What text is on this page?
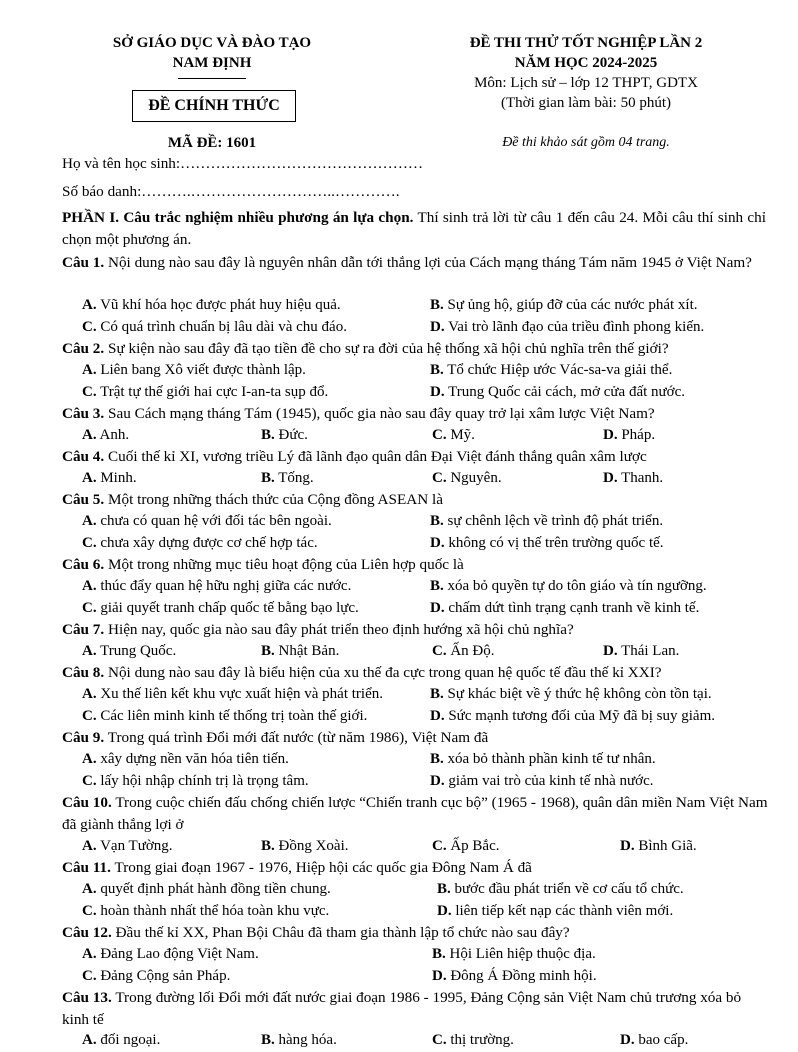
SỞ GIÁO DỤC VÀ ĐÀO TẠO
NAM ĐỊNH
ĐỀ CHÍNH THỨC
ĐỀ THI THỬ TỐT NGHIỆP LẦN 2
NĂM HỌC 2024-2025
Môn: Lịch sử – lớp 12 THPT, GDTX
(Thời gian làm bài: 50 phút)
MÃ ĐỀ: 1601	Đề thi khảo sát gồm 04 trang.
Họ và tên học sinh:…………………………………………
Số báo danh:……….………………………..………….
PHẦN I. Câu trắc nghiệm nhiều phương án lựa chọn. Thí sinh trả lời từ câu 1 đến câu 24. Mỗi câu thí sinh chỉ chọn một phương án.
Câu 1. Nội dung nào sau đây là nguyên nhân dẫn tới thắng lợi của Cách mạng tháng Tám năm 1945 ở Việt Nam?
A. Vũ khí hóa học được phát huy hiệu quả.	B. Sự ủng hộ, giúp đỡ của các nước phát xít.
C. Có quá trình chuẩn bị lâu dài và chu đáo.	D. Vai trò lãnh đạo của triều đình phong kiến.
Câu 2. Sự kiện nào sau đây đã tạo tiền đề cho sự ra đời của hệ thống xã hội chủ nghĩa trên thế giới?
A. Liên bang Xô viết được thành lập.	B. Tổ chức Hiệp ước Vác-sa-va giải thể.
C. Trật tự thế giới hai cực I-an-ta sụp đổ.	D. Trung Quốc cải cách, mở cửa đất nước.
Câu 3. Sau Cách mạng tháng Tám (1945), quốc gia nào sau đây quay trở lại xâm lược Việt Nam?
A. Anh.	B. Đức.	C. Mỹ.	D. Pháp.
Câu 4. Cuối thế kỉ XI, vương triều Lý đã lãnh đạo quân dân Đại Việt đánh thắng quân xâm lược
A. Minh.	B. Tống.	C. Nguyên.	D. Thanh.
Câu 5. Một trong những thách thức của Cộng đồng ASEAN là
A. chưa có quan hệ với đối tác bên ngoài.	B. sự chênh lệch về trình độ phát triển.
C. chưa xây dựng được cơ chế hợp tác.	D. không có vị thế trên trường quốc tế.
Câu 6. Một trong những mục tiêu hoạt động của Liên hợp quốc là
A. thúc đẩy quan hệ hữu nghị giữa các nước.	B. xóa bỏ quyền tự do tôn giáo và tín ngưỡng.
C. giải quyết tranh chấp quốc tế bằng bạo lực.	D. chấm dứt tình trạng cạnh tranh về kinh tế.
Câu 7. Hiện nay, quốc gia nào sau đây phát triển theo định hướng xã hội chủ nghĩa?
A. Trung Quốc.	B. Nhật Bản.	C. Ấn Độ.	D. Thái Lan.
Câu 8. Nội dung nào sau đây là biểu hiện của xu thế đa cực trong quan hệ quốc tế đầu thế kỉ XXI?
A. Xu thế liên kết khu vực xuất hiện và phát triển.	B. Sự khác biệt về ý thức hệ không còn tồn tại.
C. Các liên minh kinh tế thống trị toàn thế giới.	D. Sức mạnh tương đối của Mỹ đã bị suy giảm.
Câu 9. Trong quá trình Đổi mới đất nước (từ năm 1986), Việt Nam đã
A. xây dựng nền văn hóa tiên tiến.	B. xóa bỏ thành phần kinh tế tư nhân.
C. lấy hội nhập chính trị là trọng tâm.	D. giảm vai trò của kinh tế nhà nước.
Câu 10. Trong cuộc chiến đấu chống chiến lược “Chiến tranh cục bộ” (1965 - 1968), quân dân miền Nam Việt Nam đã giành thắng lợi ở
A. Vạn Tường.	B. Đồng Xoài.	C. Ấp Bắc.	D. Bình Giã.
Câu 11. Trong giai đoạn 1967 - 1976, Hiệp hội các quốc gia Đông Nam Á đã
A. quyết định phát hành đồng tiền chung.	B. bước đầu phát triển về cơ cấu tổ chức.
C. hoàn thành nhất thể hóa toàn khu vực.	D. liên tiếp kết nạp các thành viên mới.
Câu 12. Đầu thế kỉ XX, Phan Bội Châu đã tham gia thành lập tổ chức nào sau đây?
A. Đảng Lao động Việt Nam.	B. Hội Liên hiệp thuộc địa.
C. Đảng Cộng sản Pháp.	D. Đông Á Đồng minh hội.
Câu 13. Trong đường lối Đổi mới đất nước giai đoạn 1986 - 1995, Đảng Cộng sản Việt Nam chủ trương xóa bỏ kinh tế
A. đối ngoại.	B. hàng hóa.	C. thị trường.	D. bao cấp.
